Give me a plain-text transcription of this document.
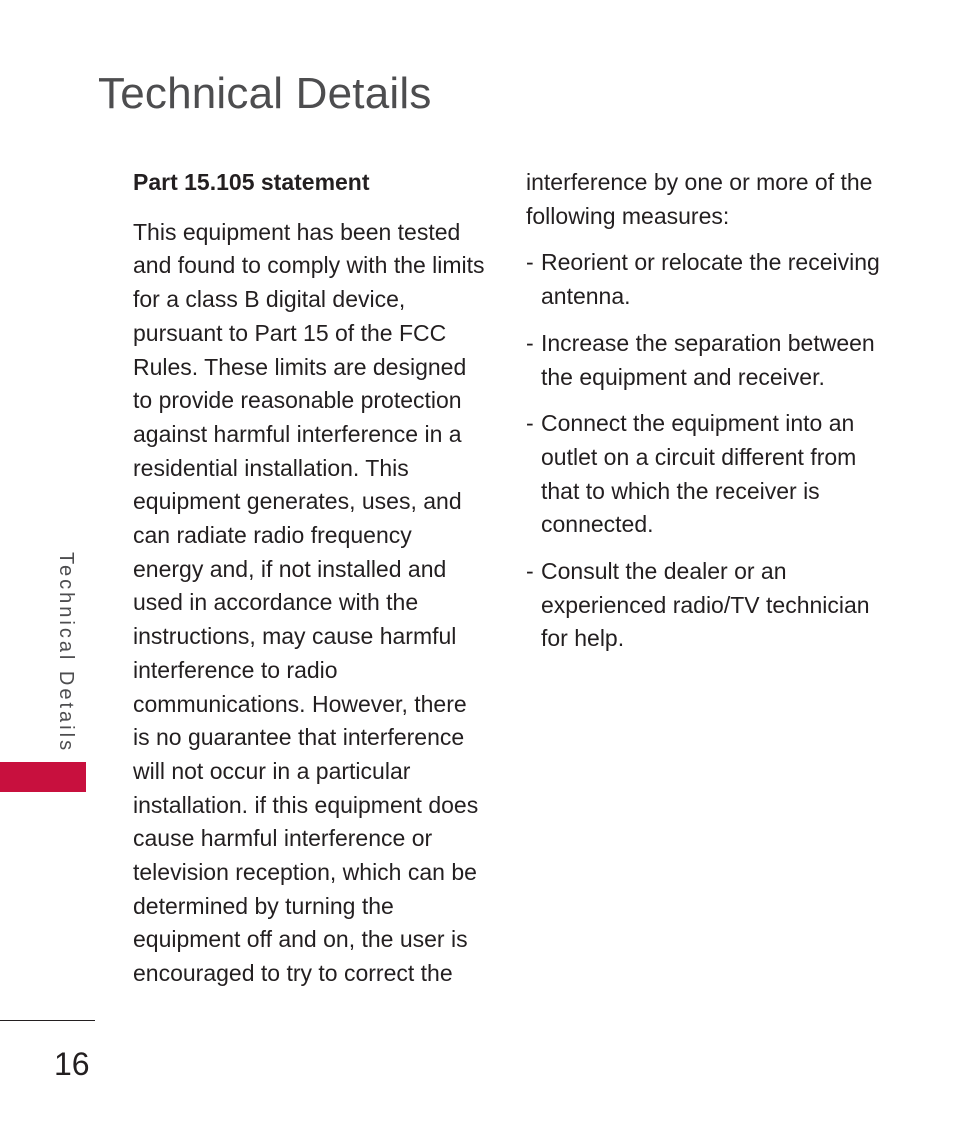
Technical Details
Technical Details
Part 15.105 statement

This equipment has been tested and found to comply with the limits for a class B digital device, pursuant to Part 15 of the FCC Rules. These limits are designed to provide reasonable protection against harmful interference in a residential installation. This equipment generates, uses, and can radiate radio frequency energy and, if not installed and used in accordance with the instructions, may cause harmful interference to radio communications. However, there is no guarantee that interference will not occur in a particular installation. if this equipment does cause harmful interference or television reception, which can be determined by turning the equipment off and on, the user is encouraged to try to correct the

interference by one or more of the following measures:

- Reorient or relocate the receiving antenna.
- Increase the separation between the equipment and receiver.
- Connect the equipment into an outlet on a circuit different from that to which the receiver is connected.
- Consult the dealer or an experienced radio/TV technician for help.

16
